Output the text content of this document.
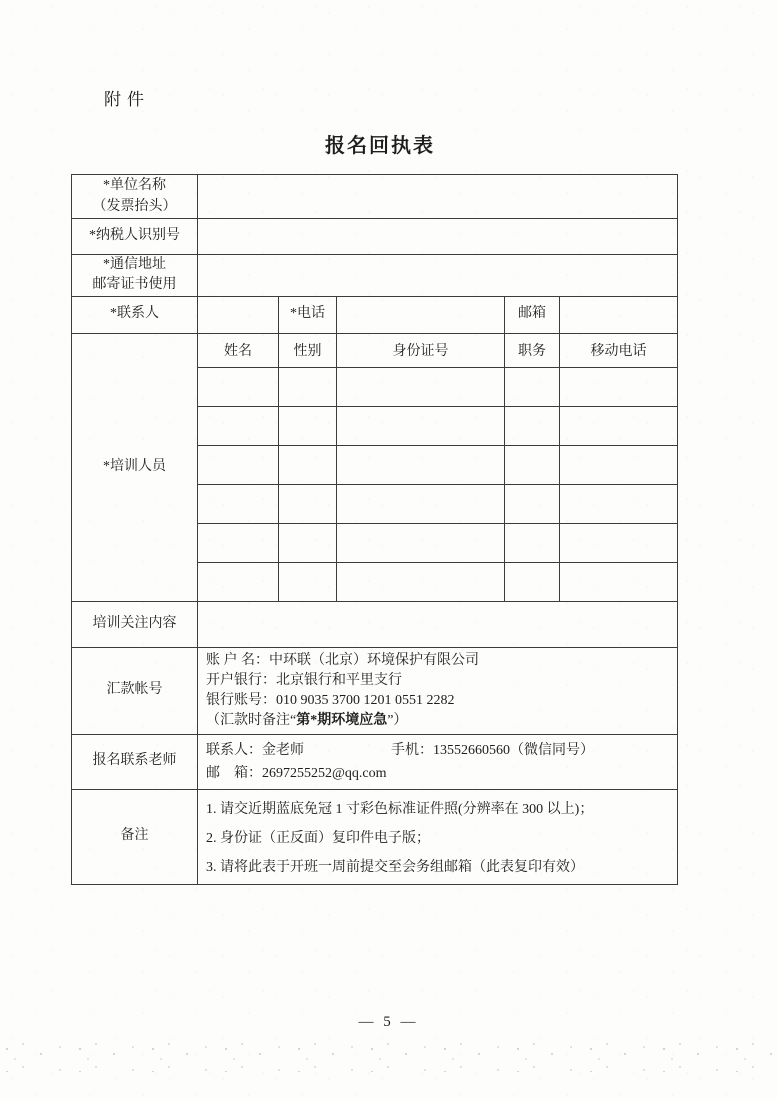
附件
报名回执表
*单位名称
（发票抬头）					

*纳税人识别号					

*通信地址
邮寄证书使用					

*联系人		*电话		邮箱	
*培训人员	姓名	性别	身份证号	职务	移动电话

培训关注内容					
汇款帐号	账 户 名：中环联（北京）环境保护有限公司
开户银行：北京银行和平里支行
银行账号：010 9035 3700 1201 0551 2282
（汇款时备注“第*期环境应急”）				

报名联系老师	联系人：金老师 手机：13552660560（微信同号）
邮　箱：2697255252@qq.com				

备注	1. 请交近期蓝底免冠 1 寸彩色标准证件照(分辨率在 300 以上)；
2. 身份证（正反面）复印件电子版；
3. 请将此表于开班一周前提交至会务组邮箱（此表复印有效）				
— 5 —
